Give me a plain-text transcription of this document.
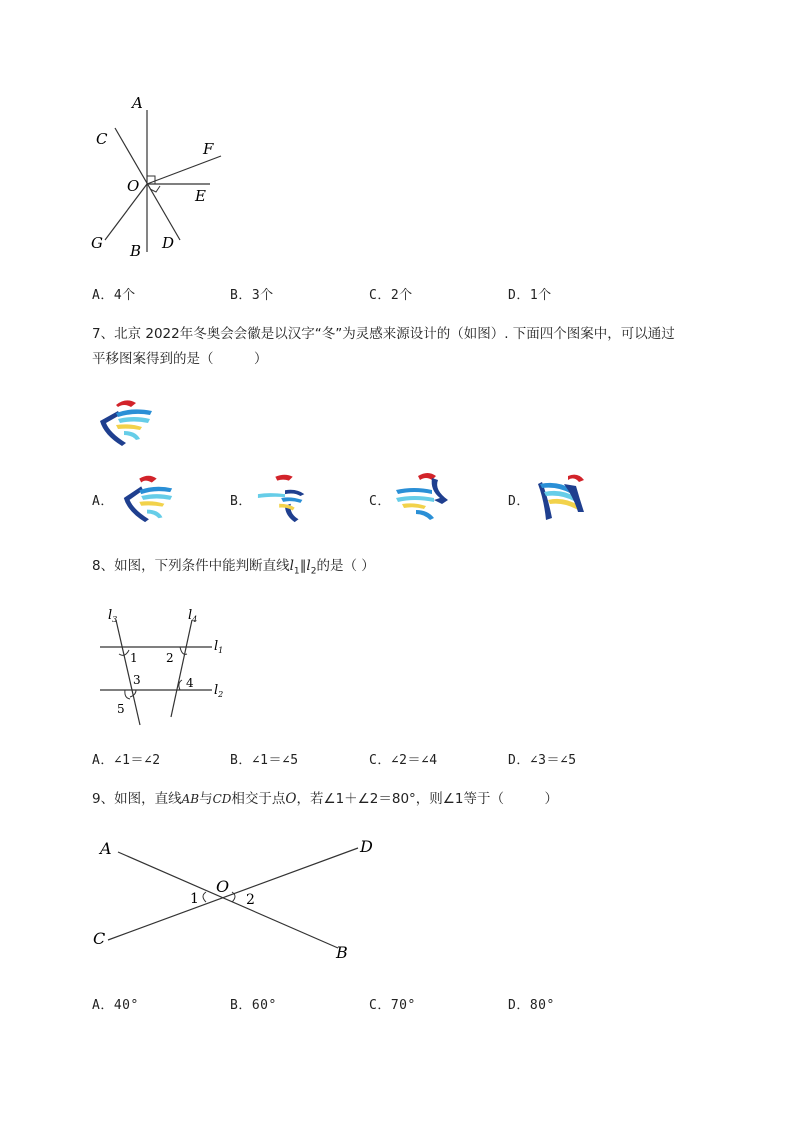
A
C
F
O
E
G B D
A．4个	B．3个	C．2个	D．1个
7、北京 2022年冬奥会会徽是以汉字“冬”为灵感来源设计的（如图）. 下面四个图案中，可以通过
平移图案得到的是（　　　）
A．	B．	C．	D．
8、如图，下列条件中能判断直线$l_1\parallel l_2$的是（ ）
$l_3$	$l_4$
$l_1$
$l_2$
1 2
3	4
5
A．∠1＝∠2	B．∠1＝∠5	C．∠2＝∠4	D．∠3＝∠5
9、如图，直线AB与CD相交于点O，若∠1＋∠2＝80°，则∠1等于（　　　）
A	D
C
B
O
1	2
A．40°	B．60°	C．70°	D．80°
